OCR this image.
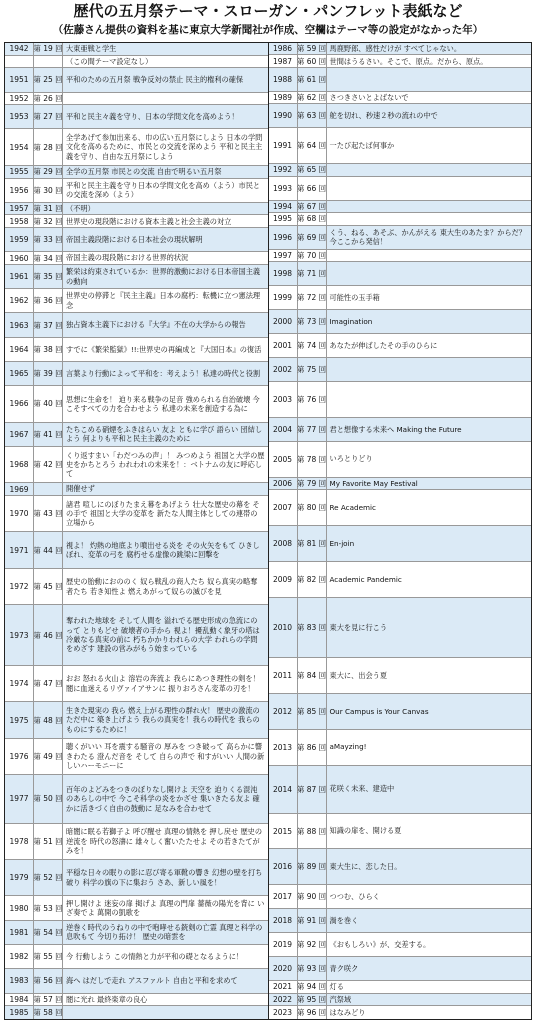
歴代の五月祭テーマ・スローガン・パンフレット表紙など
（佐藤さん提供の資料を基に東京大学新聞社が作成、空欄はテーマ等の設定がなかった年）
1942 第 19 回 大東亜戦と学生
（この間テーマ設定なし）
1951 第 25 回 平和のための五月祭 戦争反対の禁止 民主的権利の確保
1952 第 26 回
1953 第 27 回 平和と民主々義を守り、日本の学問文化を高めよう！
1954 第 28 回
全学あげて参加出来る、巾の広い五月祭にしよう 日本の学問文化を高めるために、市民との交流を深めよう 平和と民主主義を守り、自由な五月祭にしよう
1955 第 29 回 全学の五月祭 市民との交流 自由で明るい五月祭
1956 第 30 回
平和と民主主義を守り日本の学問文化を高め（よう）市民との交流を深め（よう）
1957 第 31 回 （不明）
1958 第 32 回 世界史の現段階における資本主義と社会主義の対立
1959 第 33 回 帝国主義段階における日本社会の現状解明
1960 第 34 回 帝国主義の現段階における世界的状況
1961 第 35 回
繁栄は約束されているか：世界的激動における日本帝国主義の動向
1962 第 36 回
世界史の停滞と『民主主義』日本の腐朽：転機に立つ憲法理念
1963 第 37 回 独占資本主義下における『大学』不在の大学からの報告
1964 第 38 回 すでに《繁栄監獄》!!:世界史の再編成と『大国日本』の復活
1965 第 39 回 言葉より行動によって平和を：考えよう！私達の時代と役割
1966 第 40 回
思想に生命を！ 迫り来る戦争の足音 強められる自治破壊 今こそすべての力を合わせよう 私達の未来を創造する為に
1967 第 41 回
たちこめる硝煙をふきはらい 友よ ともに学び 語らい 団結しよう 何よりも平和と民主主義のために
1968 第 42 回
くり返すまい「わだつみの声」！ みつめよう 祖国と大学の歴史をかちとろう われわれの未来を！：ベトナムの友に呼応して
1969	開催せず
1970 第 43 回
諸君 喧しにのぼりたまえ幕をあげよう 壮大な歴史の幕を その手で 祖国と大学の変革を 新たな人間主体としての連帯の立場から
1971 第 44 回
視よ！ 灼熱の地底より噴出せる炎を その火矢をもて ひきしぼれ、変革の弓を 腐朽せる虚像の跳梁に回擊を
1972 第 45 回
歴史の胎動におののく 奴ら戦乱の商人たち 奴ら真実の略奪者たち 若き知性よ 燃えあがって奴らの滅びを見
1973 第 46 回
奪われた地球を そして人間を 溢れでる歴史形成の急流にのって とりもどせ 破壊者の手から 視よ！擾乱動く象牙の塔は 冷厳なる真実の前に 朽ちかかりわれらの大学 われらの学問をめざす 建設の営みがもう始まっている
1974 第 47 回
おお 怒れる火山よ 溶岩の奔流よ 我らにあつき理性の剣を！ 闇に血迷えるリヴァイアサンに 振りおろさん変革の刃を！
1975 第 48 回
生きた現実の 我ら 燃え上がる理性の群れ火！ 歴史の激流のただ中に 築き上げよう 我らの真実を！我らの時代を 我らのものにするために！
1976 第 49 回
聴くがいい 耳を震する騒音の 厚みを つき破って 高らかに響きわたる 澄んだ音を そして 自らの声で 和すがいい 人間の新しいハーモニーに
1977 第 50 回
百年のよどみをつきのぼりなし開けよ 天空を 迫りくる混沌のあらしの中で 今こそ科学の炎をかざせ 集いきたる友よ 確かに活きづく自由の鼓動に 足なみを合わせて
1978 第 51 回
暗闇に眠る若獅子よ 呼び醒せ 真理の情熱を 押し戻せ 歴史の逆流を 時代の怒濤に 雄々しく奮いたたせよ その若きたてがみを！
1979 第 52 回
平穏な日々の眠りの影に忍び寄る軍靴の響き 幻想の壁を打ち破り 科学の旗の下に集おう さあ、新しい風を！
1980 第 53 回
押し開けよ 迷妄の扉 掲げよ 真理の門扉 薔薇の陽光を背に いざ奏でよ 萬開の凱歌を
1981 第 54 回
逆巻く時代のうねりの中で咆哮せる銃剣の亡霊 真理と科学の息吹もて 今切り拓け！ 歴史の暗雲を
1982 第 55 回 今 行動しよう この情熱と力が平和の礎となるように！
1983 第 56 回 海へ はだしで走れ アスファルト 自由と平和を求めて
1984 第 57 回 闇に光れ 最終楽章の良心
1985 第 58 回
1986 第 59 回 馬鹿野郎、感性だけが すべてじゃない。
1987 第 60 回 世間はうるさい。そこで、原点。だから、原点。
1988 第 61 回
1989 第 62 回 さつきさいとよばないで
1990 第 63 回 舵を切れ、秒速２秒の流れの中で
1991 第 64 回 一たび起たば何事か
1992 第 65 回
1993 第 66 回
1994 第 67 回
1995 第 68 回
1996 第 69 回
くう、ねる、あそぶ、かんがえる 東大生のあたま？からだ？ 今ここから発信！
1997 第 70 回
1998 第 71 回
1999 第 72 回 可能性の玉手箱
2000 第 73 回 Imagination
2001 第 74 回 あなたが伸ばしたその手のひらに
2002 第 75 回
2003 第 76 回
2004 第 77 回 君と想像する未来へ Making the Future
2005 第 78 回 いろとりどり
2006 第 79 回 My Favorite May Festival
2007 第 80 回 Re Academic
2008 第 81 回 En-join
2009 第 82 回 Academic Pandemic
2010 第 83 回 東大を見に行こう
2011 第 84 回 東大に、出会う夏
2012 第 85 回 Our Campus is Your Canvas
2013 第 86 回 aMayzing!
2014 第 87 回 花咲く未来、建造中
2015 第 88 回 知識の扉を、開ける夏
2016 第 89 回 東大生に、恋した日。
2017 第 90 回 つつむ、ひらく
2018 第 91 回 渦を巻く
2019 第 92 回 《おもしろい》が、交差する。
2020 第 93 回 青ク咲ク
2021 第 94 回 灯る
2022 第 95 回 汽祭域
2023 第 96 回 はなみどり
